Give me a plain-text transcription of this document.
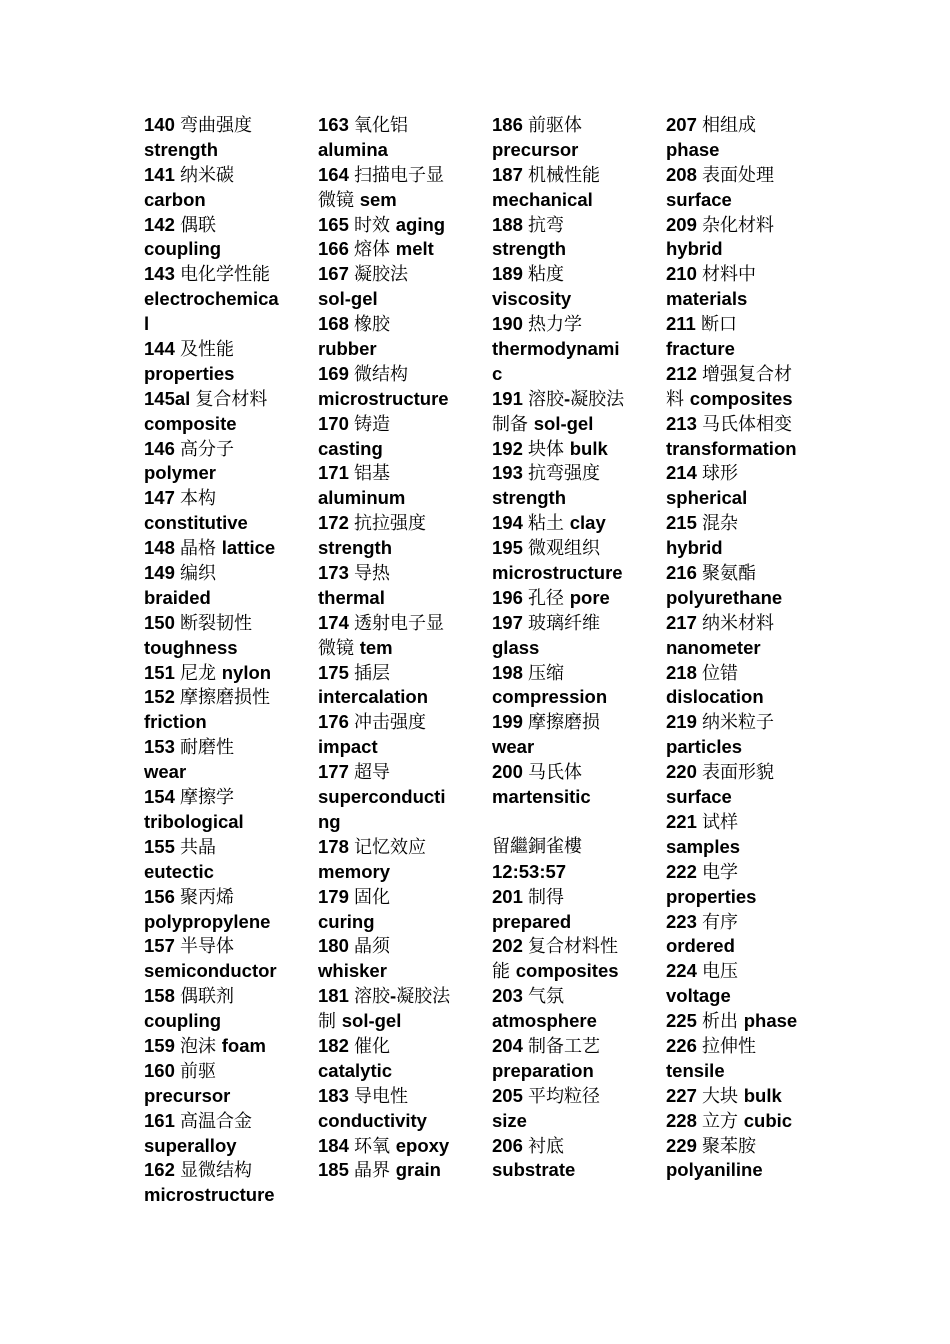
140 弯曲强度
strength
141 纳米碳
carbon
142 偶联
coupling
143 电化学性能
electrochemica
l
144 及性能
properties
145al 复合材料
composite
146 高分子
polymer
147 本构
constitutive
148 晶格 lattice
149 编织
braided
150 断裂韧性
toughness
151 尼龙 nylon
152 摩擦磨损性
friction
153 耐磨性
wear
154 摩擦学
tribological
155 共晶
eutectic
156 聚丙烯
polypropylene
157 半导体
semiconductor
158 偶联剂
coupling
159 泡沫 foam
160 前驱
precursor
161 高温合金
superalloy
162 显微结构
microstructure
163 氧化铝
alumina
164 扫描电子显
微镜 sem
165 时效 aging
166 熔体 melt
167 凝胶法
sol-gel
168 橡胶
rubber
169 微结构
microstructure
170 铸造
casting
171 铝基
aluminum
172 抗拉强度
strength
173 导热
thermal
174 透射电子显
微镜 tem
175 插层
intercalation
176 冲击强度
impact
177 超导
superconducti
ng
178 记忆效应
memory
179 固化
curing
180 晶须
whisker
181 溶胶-凝胶法
制 sol-gel
182 催化
catalytic
183 导电性
conductivity
184 环氧 epoxy
185 晶界 grain
186 前驱体
precursor
187 机械性能
mechanical
188 抗弯
strength
189 粘度
viscosity
190 热力学
thermodynami
c
191 溶胶-凝胶法
制备 sol-gel
192 块体 bulk
193 抗弯强度
strength
194 粘土 clay
195 微观组织
microstructure
196 孔径 pore
197 玻璃纤维
glass
198 压缩
compression
199 摩擦磨损
wear
200 马氏体
martensitic
留繼銅雀樓
12:53:57
201 制得
prepared
202 复合材料性
能 composites
203 气氛
atmosphere
204 制备工艺
preparation
205 平均粒径
size
206 衬底
substrate
207 相组成
phase
208 表面处理
surface
209 杂化材料
hybrid
210 材料中
materials
211 断口
fracture
212 增强复合材
料 composites
213 马氏体相变
transformation
214 球形
spherical
215 混杂
hybrid
216 聚氨酯
polyurethane
217 纳米材料
nanometer
218 位错
dislocation
219 纳米粒子
particles
220 表面形貌
surface
221 试样
samples
222 电学
properties
223 有序
ordered
224 电压
voltage
225 析出 phase
226 拉伸性
tensile
227 大块 bulk
228 立方 cubic
229 聚苯胺
polyaniline
